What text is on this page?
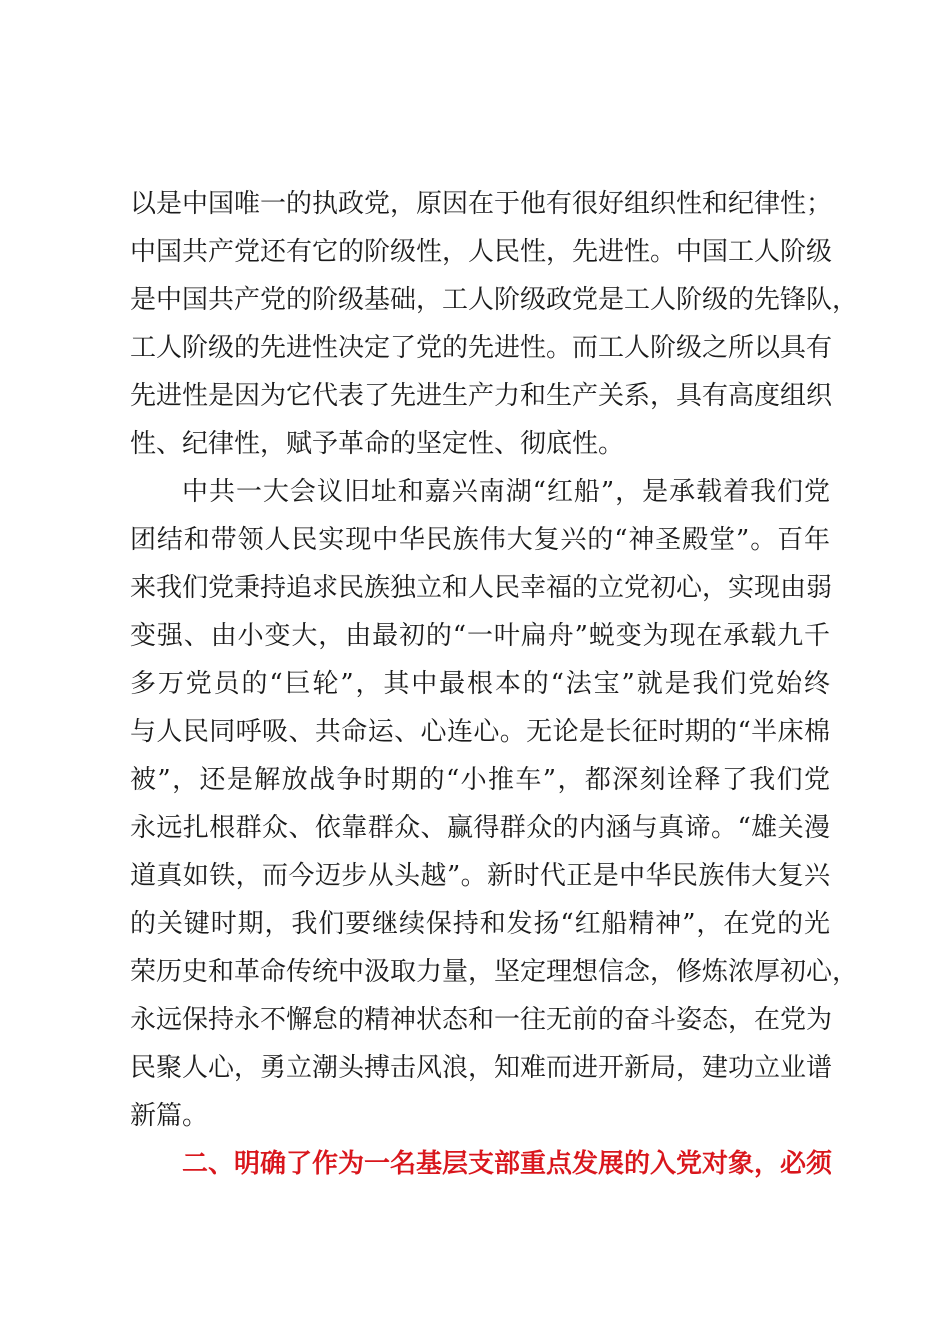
以是中国唯一的执政党，原因在于他有很好组织性和纪律性；
中国共产党还有它的阶级性，人民性，先进性。中国工人阶级
是中国共产党的阶级基础，工人阶级政党是工人阶级的先锋队，
工人阶级的先进性决定了党的先进性。而工人阶级之所以具有
先进性是因为它代表了先进生产力和生产关系，具有高度组织
性、纪律性，赋予革命的坚定性、彻底性。
中共一大会议旧址和嘉兴南湖“红船”，是承载着我们党
团结和带领人民实现中华民族伟大复兴的“神圣殿堂”。百年
来我们党秉持追求民族独立和人民幸福的立党初心，实现由弱
变强、由小变大，由最初的“一叶扁舟”蜕变为现在承载九千
多万党员的“巨轮”，其中最根本的“法宝”就是我们党始终
与人民同呼吸、共命运、心连心。无论是长征时期的“半床棉
被”，还是解放战争时期的“小推车”，都深刻诠释了我们党
永远扎根群众、依靠群众、赢得群众的内涵与真谛。“雄关漫
道真如铁，而今迈步从头越”。新时代正是中华民族伟大复兴
的关键时期，我们要继续保持和发扬“红船精神”，在党的光
荣历史和革命传统中汲取力量，坚定理想信念，修炼浓厚初心，
永远保持永不懈怠的精神状态和一往无前的奋斗姿态，在党为
民聚人心，勇立潮头搏击风浪，知难而进开新局，建功立业谱
新篇。
二、明确了作为一名基层支部重点发展的入党对象，必须
